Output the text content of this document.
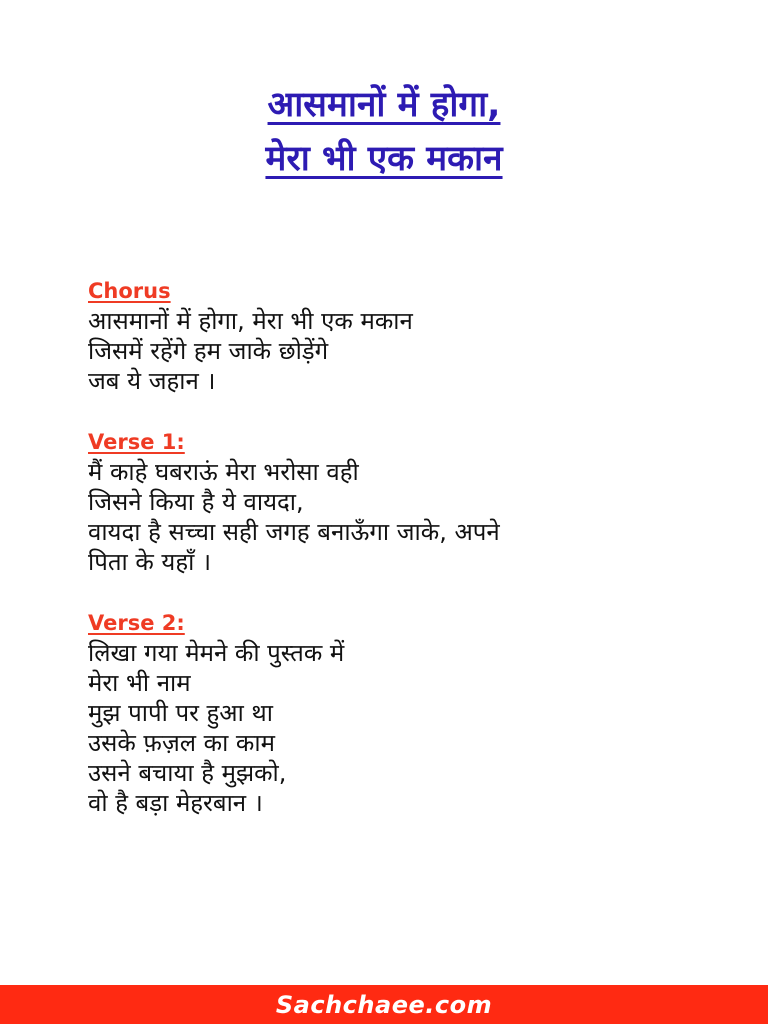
आसमानों में होगा,
मेरा भी एक मकान
Chorus
आसमानों में होगा, मेरा भी एक मकान
जिसमें रहेंगे हम जाके छोड़ेंगे
जब ये जहान ।
Verse 1:
मैं काहे घबराऊं मेरा भरोसा वही
जिसने किया है ये वायदा,
वायदा है सच्चा सही जगह बनाऊँगा जाके, अपने
पिता के यहाँ ।
Verse 2:
लिखा गया मेमने की पुस्तक में
मेरा भी नाम
मुझ पापी पर हुआ था
उसके फ़ज़ल का काम
उसने बचाया है मुझको,
वो है बड़ा मेहरबान ।
Sachchaee.com
